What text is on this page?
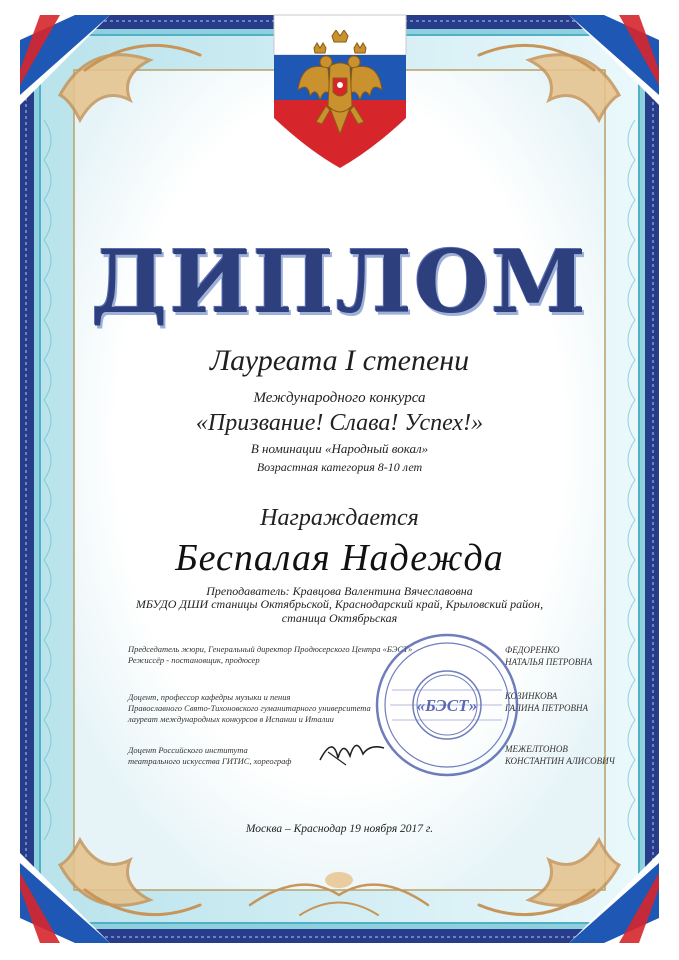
ДИПЛОМ
Лауреата I степени
Международного конкурса
«Призвание! Слава! Успех!»
В номинации «Народный вокал»
Возрастная категория 8-10 лет
Награждается
Беспалая Надежда
Преподаватель: Кравцова Валентина Вячеславовна
МБУДО ДШИ станицы Октябрьской, Краснодарский край, Крыловский район,
станица Октябрьская
Председатель жюри, Генеральный директор Продюсерского Центра «БЭСТ»
Режиссёр - постановщик, продюсер
ФЕДОРЕНКО
НАТАЛЬЯ ПЕТРОВНА
Доцент, профессор кафедры музыки и пения
Православного Свято-Тихоновского гуманитарного университета
лауреат международных конкурсов в Испании и Италии
КОЗИНКОВА
ГАЛИНА ПЕТРОВНА
Доцент Российского института
театрального искусства ГИТИС, хореограф
МЕЖЕЛТОНОВ
КОНСТАНТИН АЛИСОВИЧ
«БЭСТ»
Москва – Краснодар 19 ноября 2017 г.
